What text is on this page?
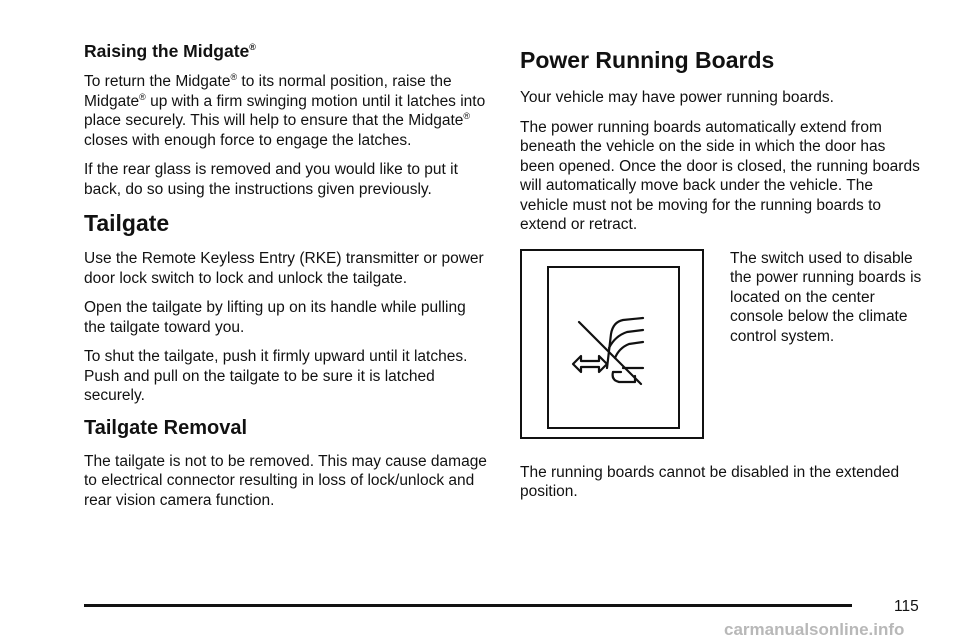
Raising the Midgate®

To return the Midgate® to its normal position, raise the Midgate® up with a firm swinging motion until it latches into place securely. This will help to ensure that the Midgate® closes with enough force to engage the latches.

If the rear glass is removed and you would like to put it back, do so using the instructions given previously.

Tailgate

Use the Remote Keyless Entry (RKE) transmitter or power door lock switch to lock and unlock the tailgate.

Open the tailgate by lifting up on its handle while pulling the tailgate toward you.

To shut the tailgate, push it firmly upward until it latches. Push and pull on the tailgate to be sure it is latched securely.

Tailgate Removal

The tailgate is not to be removed. This may cause damage to electrical connector resulting in loss of lock/unlock and rear vision camera function.

Power Running Boards

Your vehicle may have power running boards.

The power running boards automatically extend from beneath the vehicle on the side in which the door has been opened. Once the door is closed, the running boards will automatically move back under the vehicle. The vehicle must not be moving for the running boards to extend or retract.

The switch used to disable the power running boards is located on the center console below the climate control system.

The running boards cannot be disabled in the extended position.

115
carmanualsonline.info
